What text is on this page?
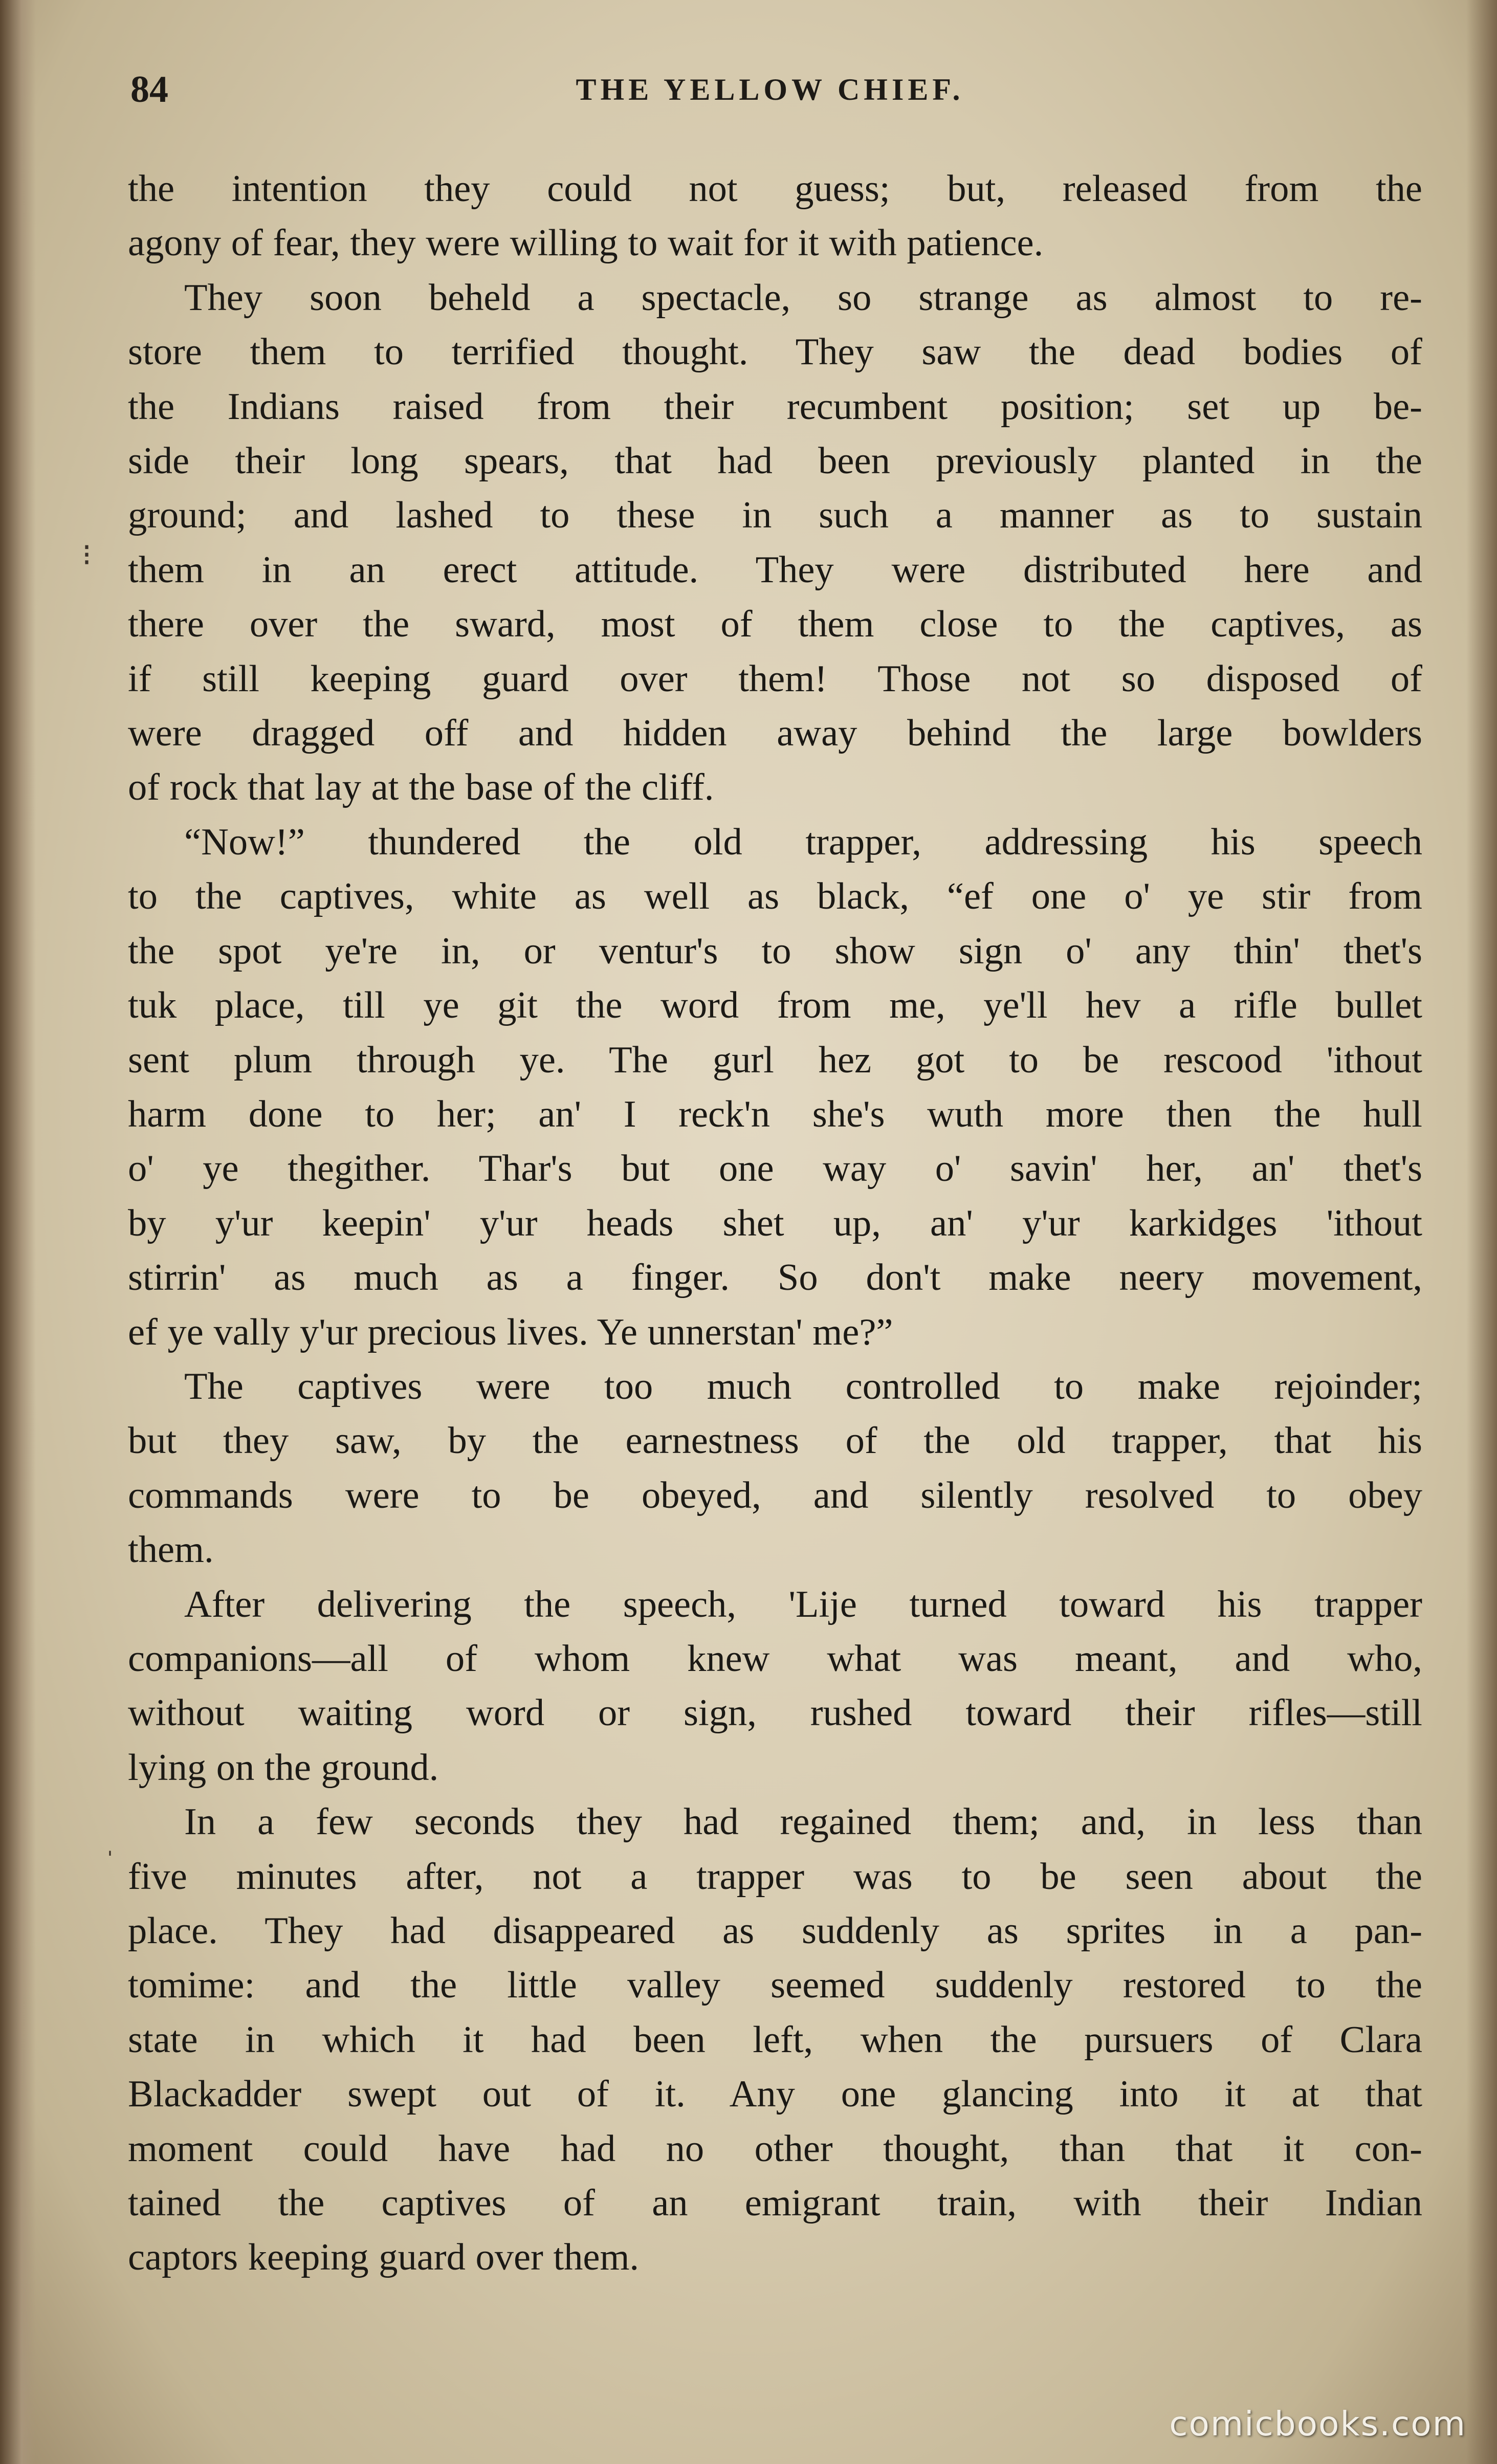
84	THE YELLOW CHIEF.
the intention they could not guess; but, released from the
agony of fear, they were willing to wait for it with patience.
They soon beheld a spectacle, so strange as almost to re-
store them to terrified thought. They saw the dead bodies of
the Indians raised from their recumbent position; set up be-
side their long spears, that had been previously planted in the
ground; and lashed to these in such a manner as to sustain
them in an erect attitude. They were distributed here and
there over the sward, most of them close to the captives, as
if still keeping guard over them! Those not so disposed of
were dragged off and hidden away behind the large bowlders
of rock that lay at the base of the cliff.
“Now!” thundered the old trapper, addressing his speech
to the captives, white as well as black, “ef one o' ye stir from
the spot ye're in, or ventur's to show sign o' any thin' thet's
tuk place, till ye git the word from me, ye'll hev a rifle bullet
sent plum through ye. The gurl hez got to be rescood 'ithout
harm done to her; an' I reck'n she's wuth more then the hull
o' ye thegither. Thar's but one way o' savin' her, an' thet's
by y'ur keepin' y'ur heads shet up, an' y'ur karkidges 'ithout
stirrin' as much as a finger. So don't make neery movement,
ef ye vally y'ur precious lives. Ye unnerstan' me?”
The captives were too much controlled to make rejoinder;
but they saw, by the earnestness of the old trapper, that his
commands were to be obeyed, and silently resolved to obey
them.
After delivering the speech, 'Lije turned toward his trapper
companions—all of whom knew what was meant, and who,
without waiting word or sign, rushed toward their rifles—still
lying on the ground.
In a few seconds they had regained them; and, in less than
five minutes after, not a trapper was to be seen about the
place. They had disappeared as suddenly as sprites in a pan-
tomime: and the little valley seemed suddenly restored to the
state in which it had been left, when the pursuers of Clara
Blackadder swept out of it. Any one glancing into it at that
moment could have had no other thought, than that it con-
tained the captives of an emigrant train, with their Indian
captors keeping guard over them.
⁝
ˌ
comicbooks.com
